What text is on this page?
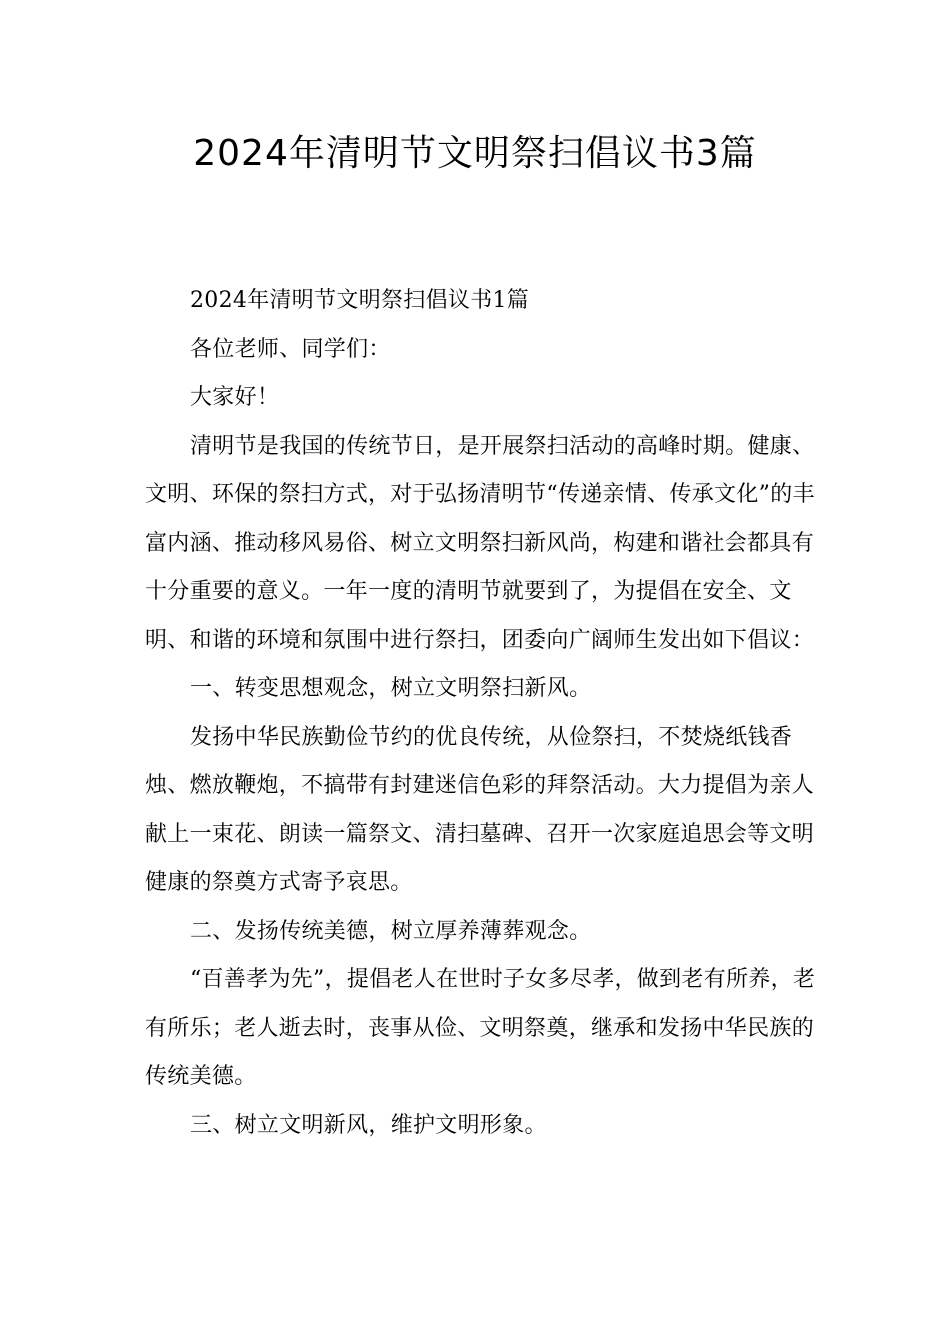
2024年清明节文明祭扫倡议书3篇

2024年清明节文明祭扫倡议书1篇

各位老师、同学们：

大家好！

清明节是我国的传统节日，是开展祭扫活动的高峰时期。健康、文明、环保的祭扫方式，对于弘扬清明节“传递亲情、传承文化”的丰富内涵、推动移风易俗、树立文明祭扫新风尚，构建和谐社会都具有十分重要的意义。一年一度的清明节就要到了，为提倡在安全、文明、和谐的环境和氛围中进行祭扫，团委向广阔师生发出如下倡议：

一、转变思想观念，树立文明祭扫新风。

发扬中华民族勤俭节约的优良传统，从俭祭扫，不焚烧纸钱香烛、燃放鞭炮，不搞带有封建迷信色彩的拜祭活动。大力提倡为亲人献上一束花、朗读一篇祭文、清扫墓碑、召开一次家庭追思会等文明健康的祭奠方式寄予哀思。

二、发扬传统美德，树立厚养薄葬观念。

“百善孝为先”，提倡老人在世时子女多尽孝，做到老有所养，老有所乐；老人逝去时，丧事从俭、文明祭奠，继承和发扬中华民族的传统美德。

三、树立文明新风，维护文明形象。
